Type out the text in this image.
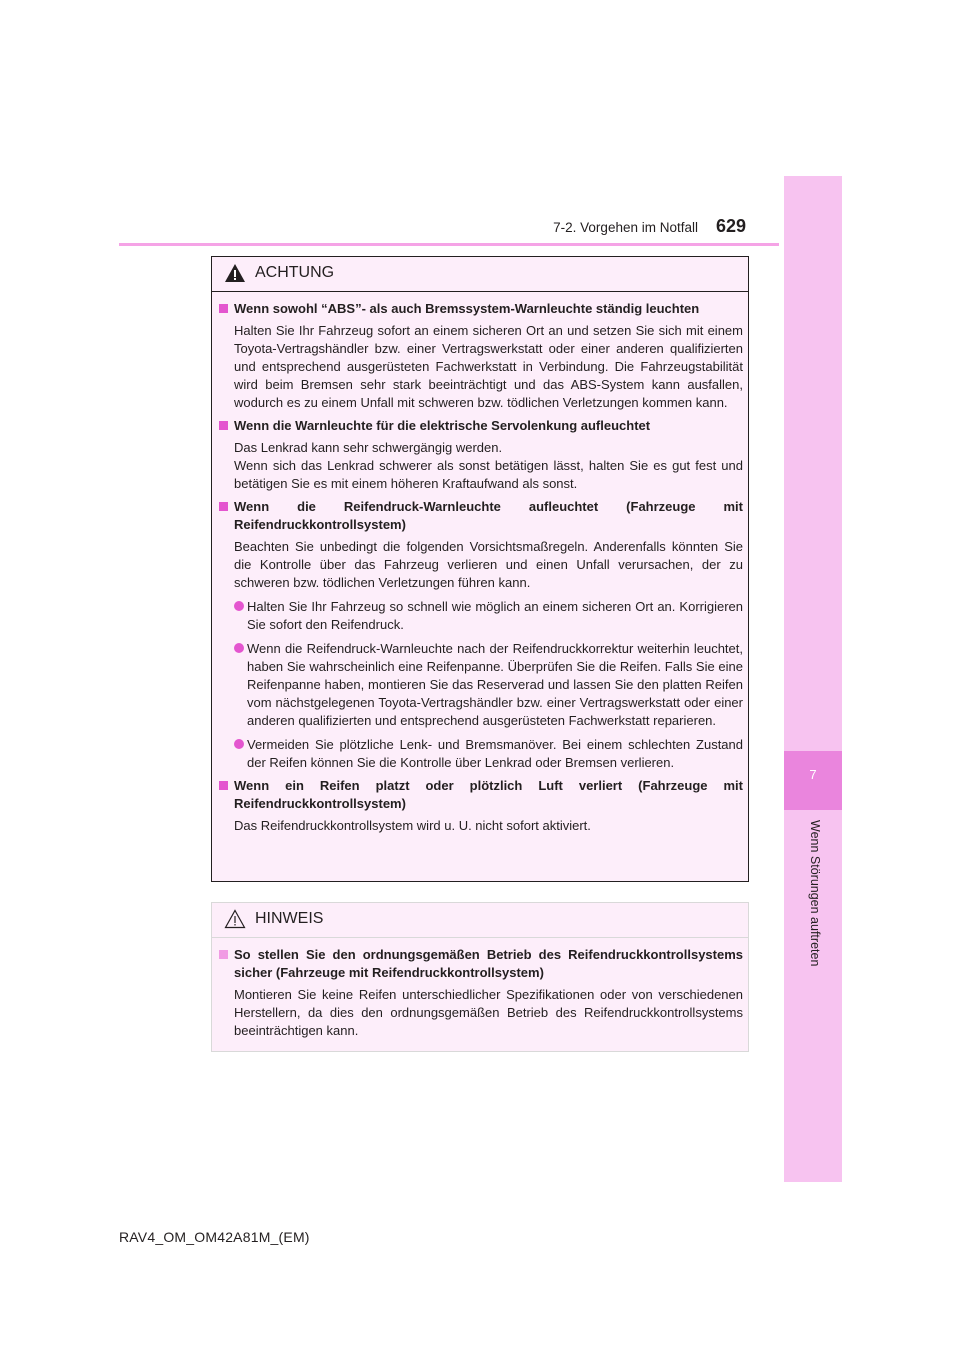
629
7-2. Vorgehen im Notfall
7
Wenn Störungen auftreten
ACHTUNG
Wenn sowohl “ABS”- als auch Bremssystem-Warnleuchte ständig leuchten
Halten Sie Ihr Fahrzeug sofort an einem sicheren Ort an und setzen Sie sich mit einem Toyota-Vertragshändler bzw. einer Vertragswerkstatt oder einer anderen qualifizierten und entsprechend ausgerüsteten Fachwerkstatt in Verbindung. Die Fahrzeugstabilität wird beim Bremsen sehr stark beeinträchtigt und das ABS-System kann ausfallen, wodurch es zu einem Unfall mit schweren bzw. tödlichen Verletzungen kommen kann.
Wenn die Warnleuchte für die elektrische Servolenkung aufleuchtet
Das Lenkrad kann sehr schwergängig werden.
Wenn sich das Lenkrad schwerer als sonst betätigen lässt, halten Sie es gut fest und betätigen Sie es mit einem höheren Kraftaufwand als sonst.
Wenn die Reifendruck-Warnleuchte aufleuchtet (Fahrzeuge mit Reifendruckkontrollsystem)
Beachten Sie unbedingt die folgenden Vorsichtsmaßregeln. Anderenfalls könnten Sie die Kontrolle über das Fahrzeug verlieren und einen Unfall verursachen, der zu schweren bzw. tödlichen Verletzungen führen kann.
Halten Sie Ihr Fahrzeug so schnell wie möglich an einem sicheren Ort an. Korrigieren Sie sofort den Reifendruck.
Wenn die Reifendruck-Warnleuchte nach der Reifendruckkorrektur weiterhin leuchtet, haben Sie wahrscheinlich eine Reifenpanne. Überprüfen Sie die Reifen. Falls Sie eine Reifenpanne haben, montieren Sie das Reserverad und lassen Sie den platten Reifen vom nächstgelegenen Toyota-Vertragshändler bzw. einer Vertragswerkstatt oder einer anderen qualifizierten und entsprechend ausgerüsteten Fachwerkstatt reparieren.
Vermeiden Sie plötzliche Lenk- und Bremsmanöver. Bei einem schlechten Zustand der Reifen können Sie die Kontrolle über Lenkrad oder Bremsen verlieren.
Wenn ein Reifen platzt oder plötzlich Luft verliert (Fahrzeuge mit Reifendruckkontrollsystem)
Das Reifendruckkontrollsystem wird u. U. nicht sofort aktiviert.
HINWEIS
So stellen Sie den ordnungsgemäßen Betrieb des Reifendruckkontrollsystems sicher (Fahrzeuge mit Reifendruckkontrollsystem)
Montieren Sie keine Reifen unterschiedlicher Spezifikationen oder von verschiedenen Herstellern, da dies den ordnungsgemäßen Betrieb des Reifendruckkontrollsystems beeinträchtigen kann.
RAV4_OM_OM42A81M_(EM)
